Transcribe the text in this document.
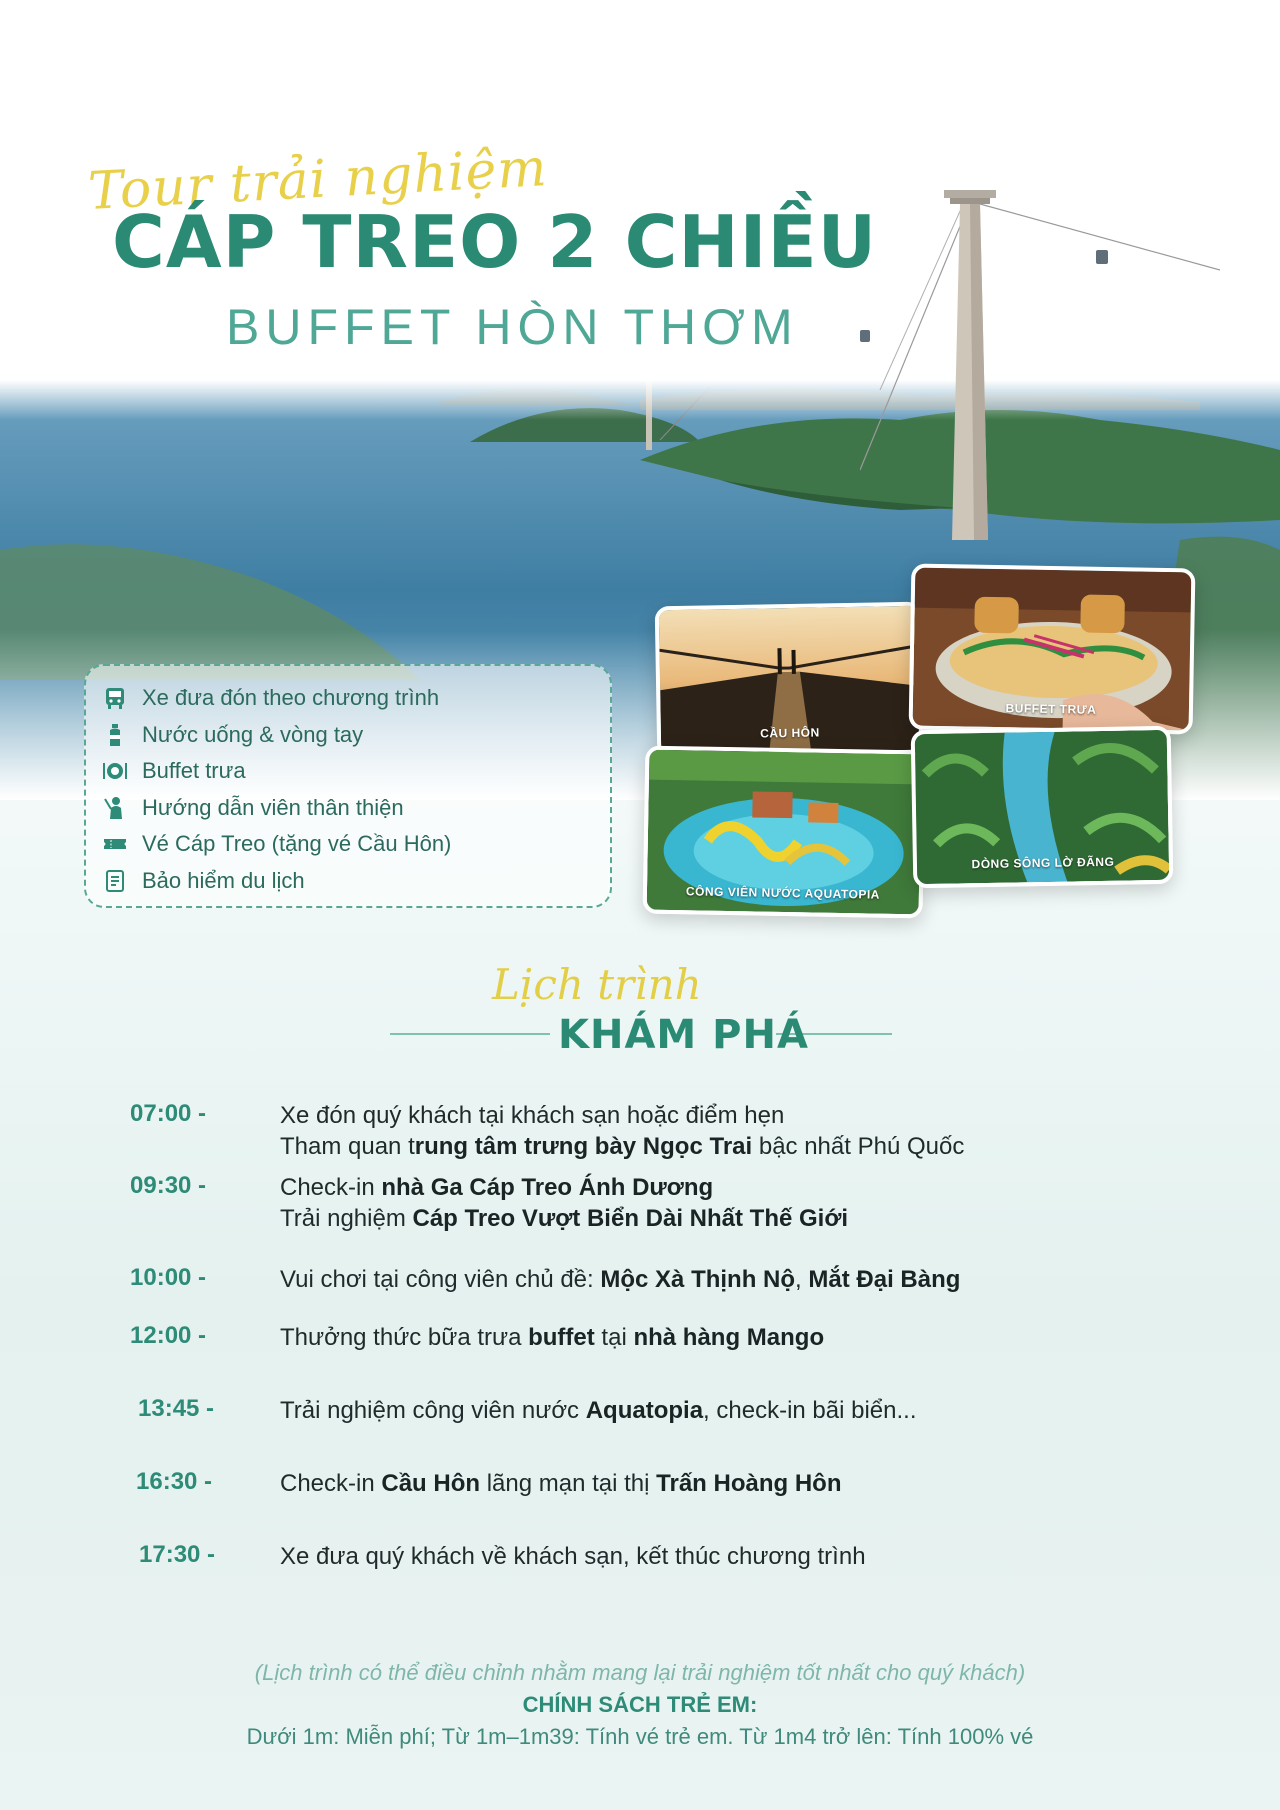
Tour trải nghiệm

CÁP TREO 2 CHIỀU
BUFFET HÒN THƠM
Xe đưa đón theo chương trình
Nước uống & vòng tay
Buffet trưa
Hướng dẫn viên thân thiện
Vé Cáp Treo (tặng vé Cầu Hôn)
Bảo hiểm du lịch
CẦU HÔN
BUFFET TRƯA
CÔNG VIÊN NƯỚC AQUATOPIA
DÒNG SÔNG LỜ ĐÃNG

Lịch trình

KHÁM PHÁ
07:00 -	Xe đón quý khách tại khách sạn hoặc điểm hẹn
Tham quan trung tâm trưng bày Ngọc Trai bậc nhất Phú Quốc
09:30 -	Check-in nhà Ga Cáp Treo Ánh Dương
Trải nghiệm Cáp Treo Vượt Biển Dài Nhất Thế Giới
10:00 -	Vui chơi tại công viên chủ đề: Mộc Xà Thịnh Nộ, Mắt Đại Bàng
12:00 -	Thưởng thức bữa trưa buffet tại nhà hàng Mango
13:45 -	Trải nghiệm công viên nước Aquatopia, check-in bãi biển...
16:30 -	Check-in Cầu Hôn lãng mạn tại thị Trấn Hoàng Hôn
17:30 -	Xe đưa quý khách về khách sạn, kết thúc chương trình

(Lịch trình có thể điều chỉnh nhằm mang lại trải nghiệm tốt nhất cho quý khách)

CHÍNH SÁCH TRẺ EM:

Dưới 1m: Miễn phí; Từ 1m–1m39: Tính vé trẻ em. Từ 1m4 trở lên: Tính 100% vé
